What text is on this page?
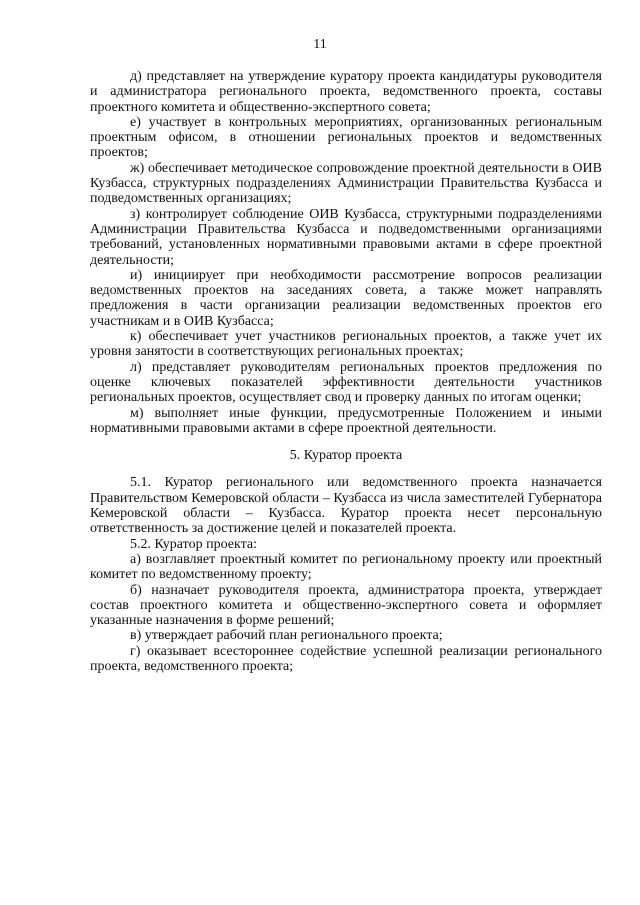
11

д) представляет на утверждение куратору проекта кандидатуры руководителя и администратора регионального проекта, ведомственного проекта, составы проектного комитета и общественно-экспертного совета;

е) участвует в контрольных мероприятиях, организованных региональным проектным офисом, в отношении региональных проектов и ведомственных проектов;

ж) обеспечивает методическое сопровождение проектной деятельности в ОИВ Кузбасса, структурных подразделениях Администрации Правительства Кузбасса и подведомственных организациях;

з) контролирует соблюдение ОИВ Кузбасса, структурными подразделениями Администрации Правительства Кузбасса и подведомственными организациями требований, установленных нормативными правовыми актами в сфере проектной деятельности;

и) инициирует при необходимости рассмотрение вопросов реализации ведомственных проектов на заседаниях совета, а также может направлять предложения в части организации реализации ведомственных проектов его участникам и в ОИВ Кузбасса;

к) обеспечивает учет участников региональных проектов, а также учет их уровня занятости в соответствующих региональных проектах;

л) представляет руководителям региональных проектов предложения по оценке ключевых показателей эффективности деятельности участников региональных проектов, осуществляет свод и проверку данных по итогам оценки;

м) выполняет иные функции, предусмотренные Положением и иными нормативными правовыми актами в сфере проектной деятельности.

5. Куратор проекта

5.1. Куратор регионального или ведомственного проекта назначается Правительством Кемеровской области – Кузбасса из числа заместителей Губернатора Кемеровской области – Кузбасса. Куратор проекта несет персональную ответственность за достижение целей и показателей проекта.

5.2. Куратор проекта:

а) возглавляет проектный комитет по региональному проекту или проектный комитет по ведомственному проекту;

б) назначает руководителя проекта, администратора проекта, утверждает состав проектного комитета и общественно-экспертного совета и оформляет указанные назначения в форме решений;

в) утверждает рабочий план регионального проекта;

г) оказывает всестороннее содействие успешной реализации регионального проекта, ведомственного проекта;
